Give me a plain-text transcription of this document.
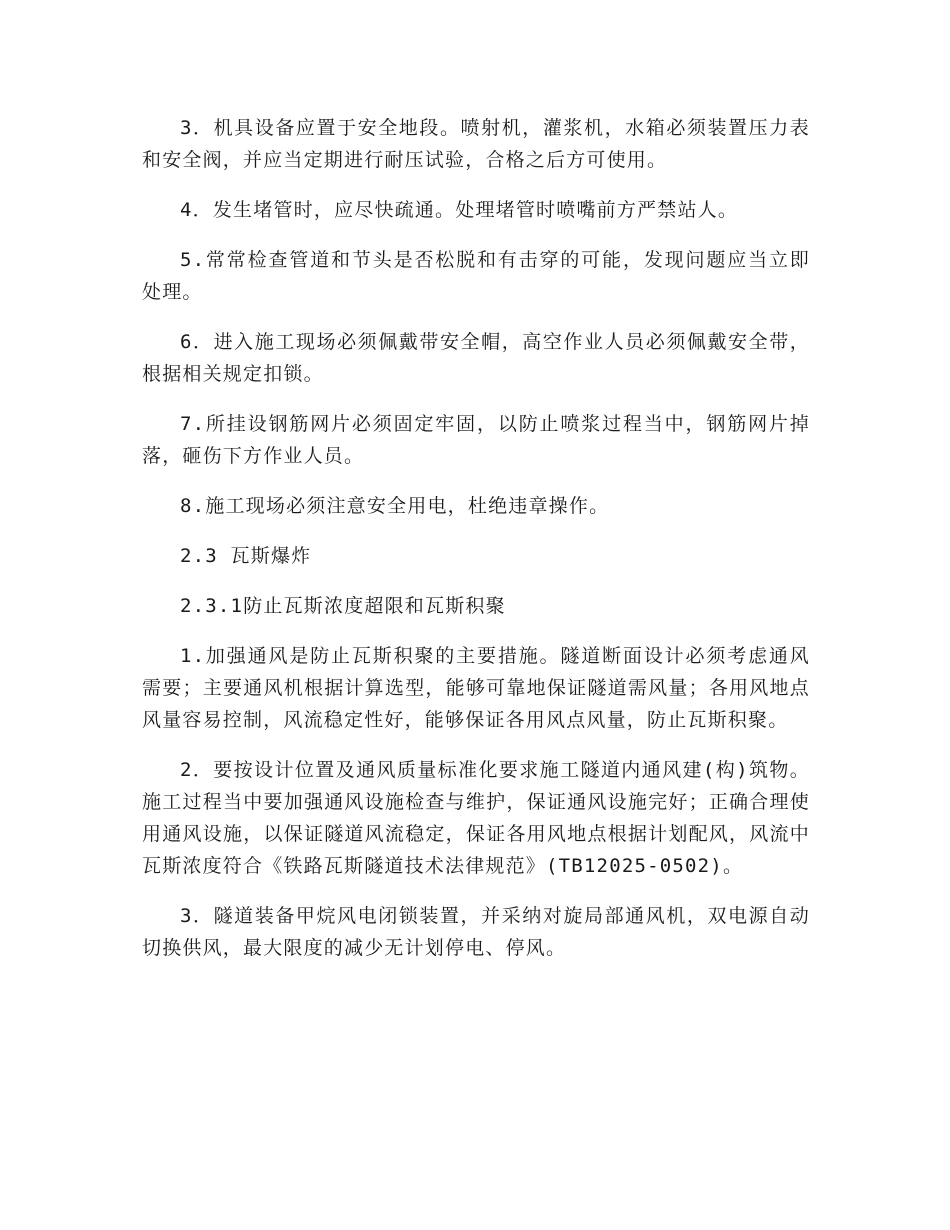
3．机具设备应置于安全地段。喷射机，灌浆机，水箱必须装置压力表和安全阀，并应当定期进行耐压试验，合格之后方可使用。

4．发生堵管时，应尽快疏通。处理堵管时喷嘴前方严禁站人。

5.常常检查管道和节头是否松脱和有击穿的可能，发现问题应当立即处理。

6．进入施工现场必须佩戴带安全帽，高空作业人员必须佩戴安全带，根据相关规定扣锁。

7.所挂设钢筋网片必须固定牢固，以防止喷浆过程当中，钢筋网片掉落，砸伤下方作业人员。

8.施工现场必须注意安全用电，杜绝违章操作。

2.3 瓦斯爆炸

2.3.1防止瓦斯浓度超限和瓦斯积聚

1.加强通风是防止瓦斯积聚的主要措施。隧道断面设计必须考虑通风需要；主要通风机根据计算选型，能够可靠地保证隧道需风量；各用风地点风量容易控制，风流稳定性好，能够保证各用风点风量，防止瓦斯积聚。

2．要按设计位置及通风质量标准化要求施工隧道内通风建(构)筑物。施工过程当中要加强通风设施检查与维护，保证通风设施完好；正确合理使用通风设施，以保证隧道风流稳定，保证各用风地点根据计划配风，风流中瓦斯浓度符合《铁路瓦斯隧道技术法律规范》(TB12025-0502)。

3．隧道装备甲烷风电闭锁装置，并采纳对旋局部通风机，双电源自动切换供风，最大限度的减少无计划停电、停风。
